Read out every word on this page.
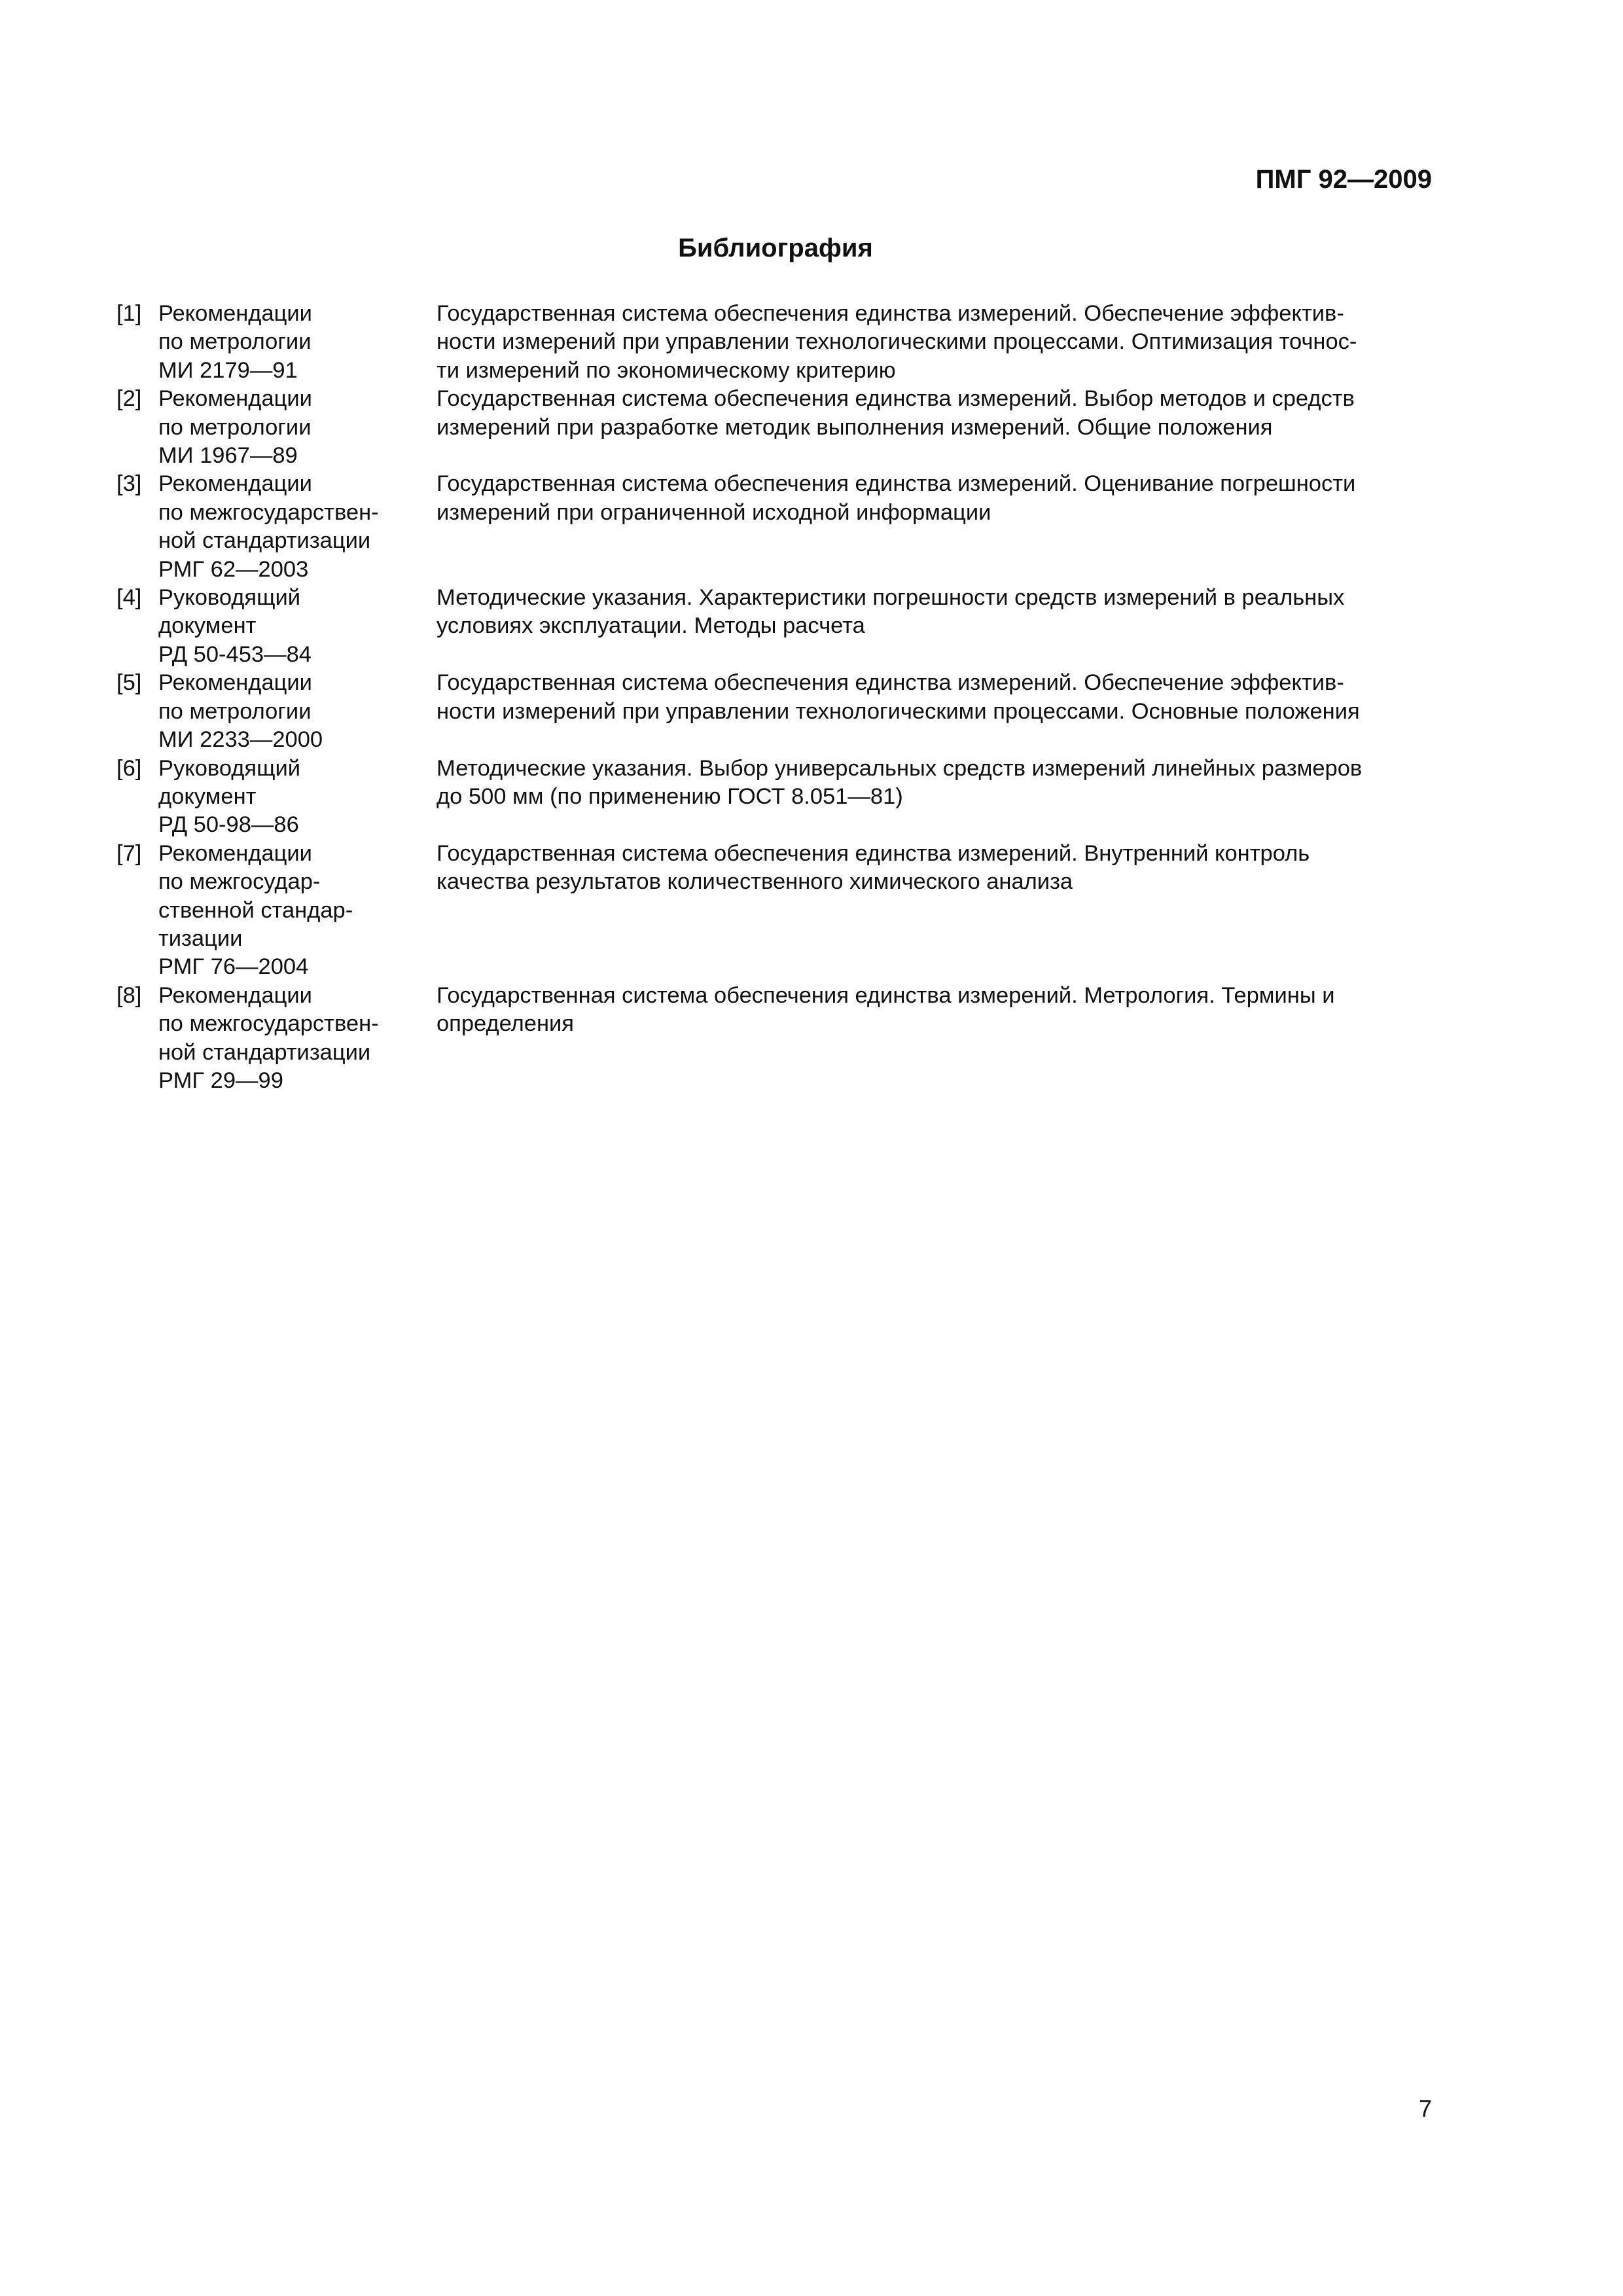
ПМГ 92—2009
Библиография
[1] Рекомендации
по метрологии
МИ 2179—91
Государственная система обеспечения единства измерений. Обеспечение эффектив-
ности измерений при управлении технологическими процессами. Оптимизация точнос-
ти измерений по экономическому критерию
[2] Рекомендации
по метрологии
МИ 1967—89
Государственная система обеспечения единства измерений. Выбор методов и средств
измерений при разработке методик выполнения измерений. Общие положения
[3] Рекомендации
по межгосударствен-
ной стандартизации
РМГ 62—2003
Государственная система обеспечения единства измерений. Оценивание погрешности
измерений при ограниченной исходной информации
[4] Руководящий
документ
РД 50-453—84
Методические указания. Характеристики погрешности средств измерений в реальных
условиях эксплуатации. Методы расчета
[5] Рекомендации
по метрологии
МИ 2233—2000
Государственная система обеспечения единства измерений. Обеспечение эффектив-
ности измерений при управлении технологическими процессами. Основные положения
[6] Руководящий
документ
РД 50-98—86
Методические указания. Выбор универсальных средств измерений линейных размеров
до 500 мм (по применению ГОСТ 8.051—81)
[7] Рекомендации
по межгосудар-
ственной стандар-
тизации
РМГ 76—2004
Государственная система обеспечения единства измерений. Внутренний контроль
качества результатов количественного химического анализа
[8] Рекомендации
по межгосударствен-
ной стандартизации
РМГ 29—99
Государственная система обеспечения единства измерений. Метрология. Термины и
определения
7
